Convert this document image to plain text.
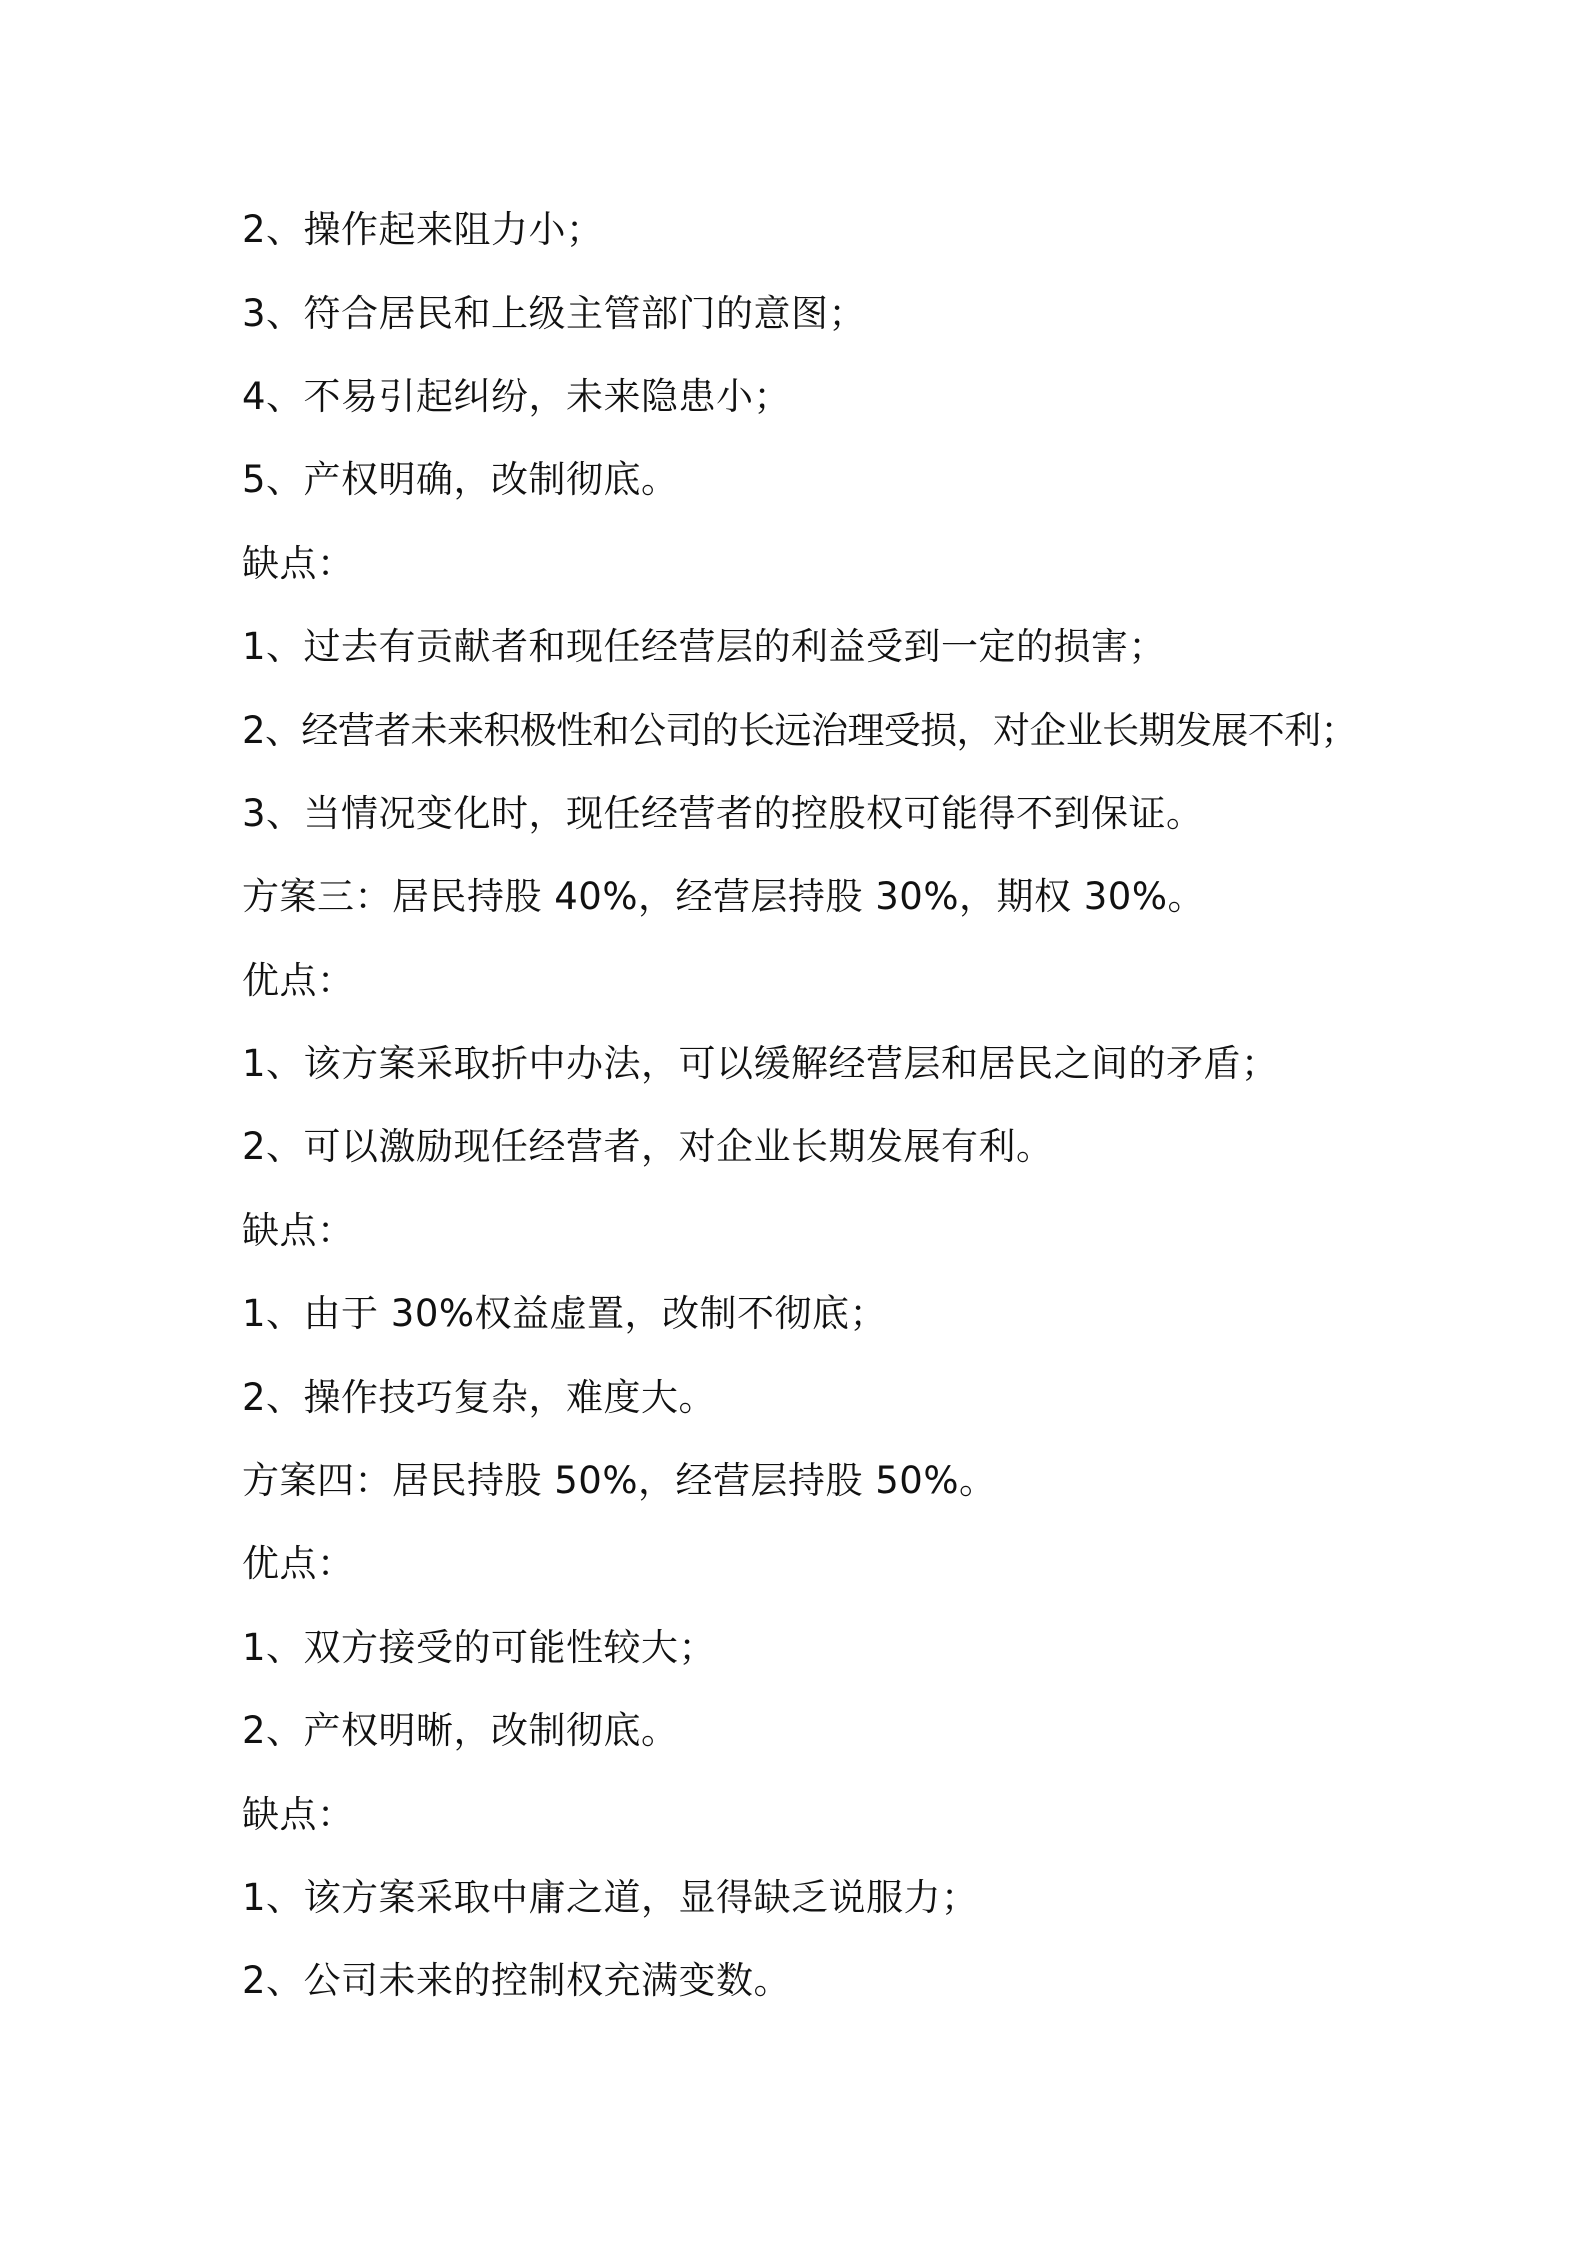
2、操作起来阻力小；
3、符合居民和上级主管部门的意图；
4、不易引起纠纷，未来隐患小；
5、产权明确，改制彻底。
缺点：
1、过去有贡献者和现任经营层的利益受到一定的损害；
2、经营者未来积极性和公司的长远治理受损，对企业长期发展不利；
3、当情况变化时，现任经营者的控股权可能得不到保证。
方案三：居民持股 40%，经营层持股 30%，期权 30%。
优点：
1、该方案采取折中办法，可以缓解经营层和居民之间的矛盾；
2、可以激励现任经营者，对企业长期发展有利。
缺点：
1、由于 30%权益虚置，改制不彻底；
2、操作技巧复杂，难度大。
方案四：居民持股 50%，经营层持股 50%。
优点：
1、双方接受的可能性较大；
2、产权明晰，改制彻底。
缺点：
1、该方案采取中庸之道，显得缺乏说服力；
2、公司未来的控制权充满变数。
